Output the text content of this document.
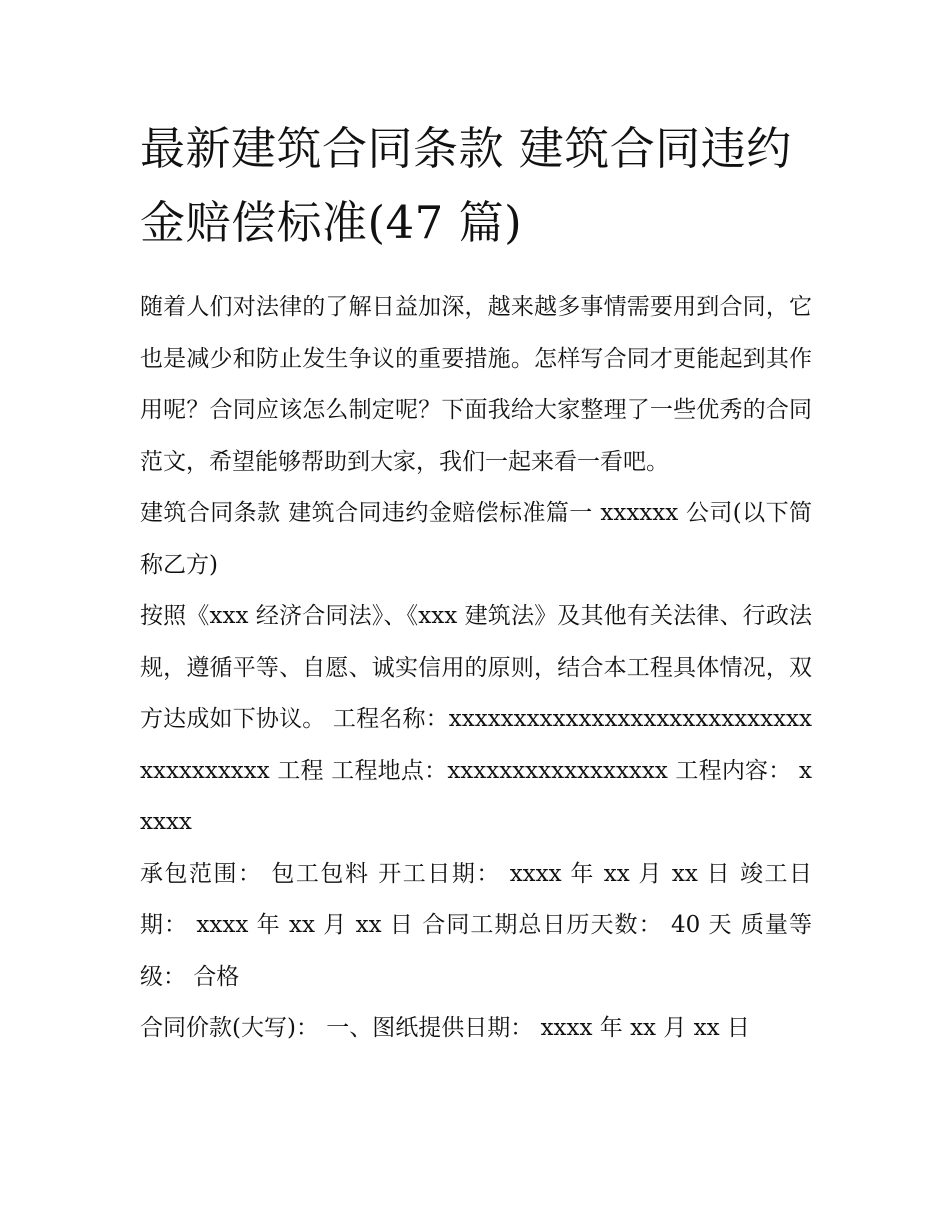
最新建筑合同条款 建筑合同违约金赔偿标准(47 篇)

随着人们对法律的了解日益加深，越来越多事情需要用到合同，它也是减少和防止发生争议的重要措施。怎样写合同才更能起到其作用呢？合同应该怎么制定呢？下面我给大家整理了一些优秀的合同范文，希望能够帮助到大家，我们一起来看一看吧。

建筑合同条款 建筑合同违约金赔偿标准篇一 xxxxxx 公司(以下简称乙方)

按照《xxx 经济合同法》、《xxx 建筑法》及其他有关法律、行政法规，遵循平等、自愿、诚实信用的原则，结合本工程具体情况，双方达成如下协议。 工程名称：xxxxxxxxxxxxxxxxxxxxxxxxxxxxxxxxxxxxxx 工程 工程地点：xxxxxxxxxxxxxxxxx 工程内容： xxxxx

承包范围： 包工包料 开工日期： xxxx 年 xx 月 xx 日 竣工日期： xxxx 年 xx 月 xx 日 合同工期总日历天数： 40 天 质量等级： 合格

合同价款(大写)： 一、图纸提供日期： xxxx 年 xx 月 xx 日
